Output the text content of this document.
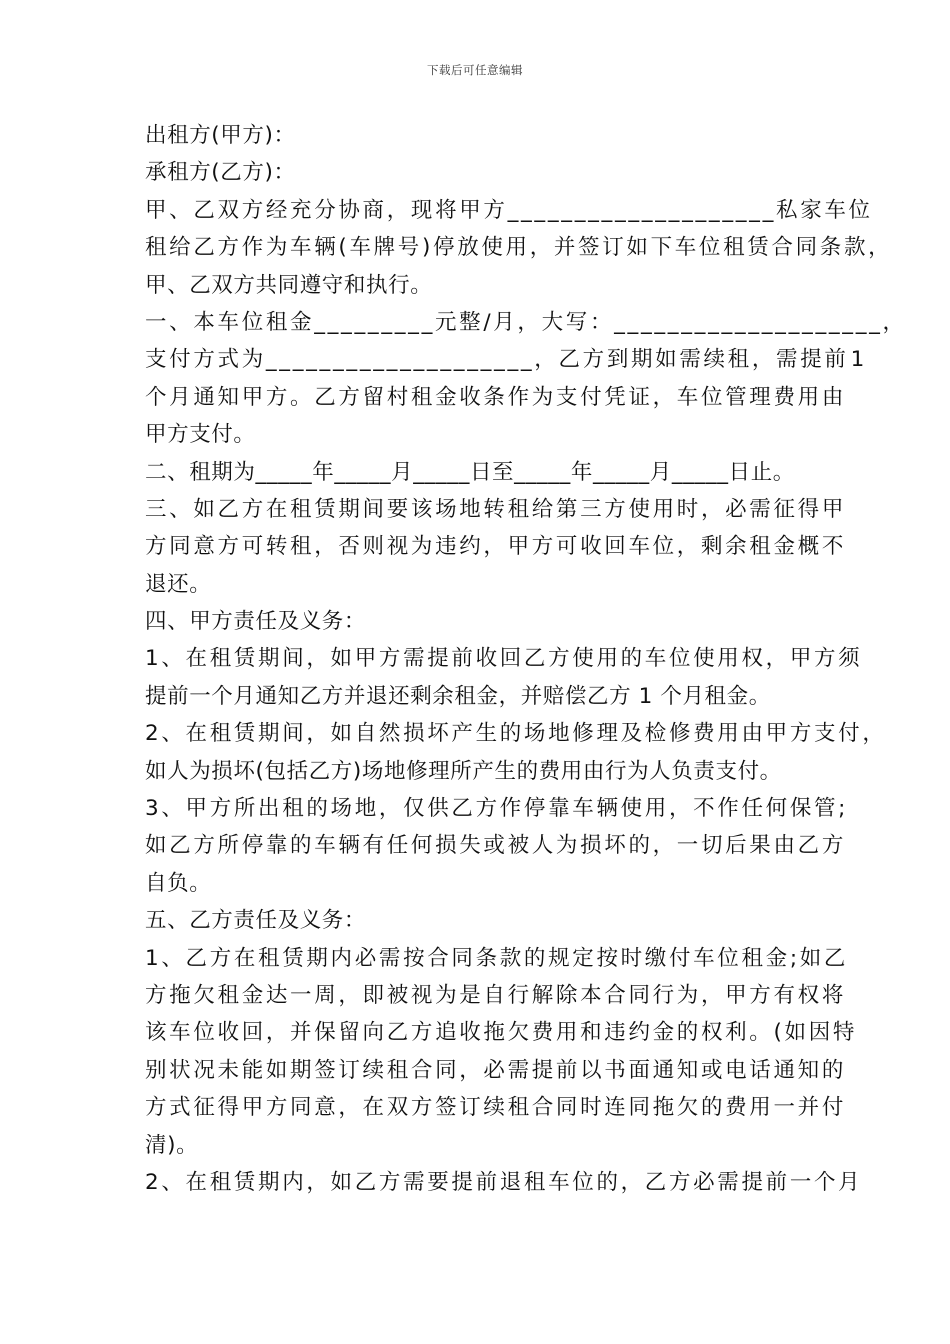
下载后可任意编辑
出租方(甲方)：
承租方(乙方)：
甲​ 、​ 乙​ 双​ 方​ 经​ 充​ 分​ 协​ 商​ ，​ 现​ 将​ 甲​ 方​ _​ _​ _​ _​ _​ _​ _​ _​ _​ _​ _​ _​ _​ _​ _​ _​ _​ _​ _​ _​ 私​ 家​ 车​ 位
租​ 给​ 乙​ 方​ 作​ 为​ 车​ 辆​ (​ 车​ 牌​ 号​ )​ 停​ 放​ 使​ 用​ ，​ 并​ 签​ 订​ 如​ 下​ 车​ 位​ 租​ 赁​ 合​ 同​ 条​ 款​ ，
甲、乙双方共同遵守和执行。
一​ 、​ 本​ 车​ 位​ 租​ 金​ _​ _​ _​ _​ _​ _​ _​ _​ _​ 元​ 整​ /​ 月​ ，​ 大​ 写​ ：​ _​ _​ _​ _​ _​ _​ _​ _​ _​ _​ _​ _​ _​ _​ _​ _​ _​ _​ _​ _​ ，
支​ 付​ 方​ 式​ 为​ _​ _​ _​ _​ _​ _​ _​ _​ _​ _​ _​ _​ _​ _​ _​ _​ _​ _​ _​ _​ ，​ 乙​ 方​ 到​ 期​ 如​ 需​ 续​ 租​ ，​ 需​ 提​ 前​ ​ 1
个​ 月​ 通​ 知​ 甲​ 方​ 。​ 乙​ 方​ 留​ 村​ 租​ 金​ 收​ 条​ 作​ 为​ 支​ 付​ 凭​ 证​ ，​ 车​ 位​ 管​ 理​ 费​ 用​ 由
甲方支付。
二、租期为_____年_____月_____日至_____年_____月_____日止。
三​ 、​ 如​ 乙​ 方​ 在​ 租​ 赁​ 期​ 间​ 要​ 该​ 场​ 地​ 转​ 租​ 给​ 第​ 三​ 方​ 使​ 用​ 时​ ，​ 必​ 需​ 征​ 得​ 甲
方​ 同​ 意​ 方​ 可​ 转​ 租​ ，​ 否​ 则​ 视​ 为​ 违​ 约​ ，​ 甲​ 方​ 可​ 收​ 回​ 车​ 位​ ，​ 剩​ 余​ 租​ 金​ 概​ 不
退还。
四、甲方责任及义务：
1​ 、​ 在​ 租​ 赁​ 期​ 间​ ，​ 如​ 甲​ 方​ 需​ 提​ 前​ 收​ 回​ 乙​ 方​ 使​ 用​ 的​ 车​ 位​ 使​ 用​ 权​ ，​ 甲​ 方​ 须
提前一个月通知乙方并退还剩余租金，并赔偿乙方 1 个月租金。
2​ 、​ 在​ 租​ 赁​ 期​ 间​ ，​ 如​ 自​ 然​ 损​ 坏​ 产​ 生​ 的​ 场​ 地​ 修​ 理​ 及​ 检​ 修​ 费​ 用​ 由​ 甲​ 方​ 支​ 付​ ，
如人为损坏(包括乙方)场地修理所产生的费用由行为人负责支付。
3​ 、​ 甲​ 方​ 所​ 出​ 租​ 的​ 场​ 地​ ，​ 仅​ 供​ 乙​ 方​ 作​ 停​ 靠​ 车​ 辆​ 使​ 用​ ，​ 不​ 作​ 任​ 何​ 保​ 管​ ;
如​ 乙​ 方​ 所​ 停​ 靠​ 的​ 车​ 辆​ 有​ 任​ 何​ 损​ 失​ 或​ 被​ 人​ 为​ 损​ 坏​ 的​ ，​ 一​ 切​ 后​ 果​ 由​ 乙​ 方
自负。
五、乙方责任及义务：
1​ 、​ 乙​ 方​ 在​ 租​ 赁​ 期​ 内​ 必​ 需​ 按​ 合​ 同​ 条​ 款​ 的​ 规​ 定​ 按​ 时​ 缴​ 付​ 车​ 位​ 租​ 金​ ;​ 如​ 乙
方​ 拖​ 欠​ 租​ 金​ 达​ 一​ 周​ ，​ 即​ 被​ 视​ 为​ 是​ 自​ 行​ 解​ 除​ 本​ 合​ 同​ 行​ 为​ ，​ 甲​ 方​ 有​ 权​ 将
该​ 车​ 位​ 收​ 回​ ，​ 并​ 保​ 留​ 向​ 乙​ 方​ 追​ 收​ 拖​ 欠​ 费​ 用​ 和​ 违​ 约​ 金​ 的​ 权​ 利​ 。​ (​ 如​ 因​ 特
别​ 状​ 况​ 未​ 能​ 如​ 期​ 签​ 订​ 续​ 租​ 合​ 同​ ，​ 必​ 需​ 提​ 前​ 以​ 书​ 面​ 通​ 知​ 或​ 电​ 话​ 通​ 知​ 的
方​ 式​ 征​ 得​ 甲​ 方​ 同​ 意​ ，​ 在​ 双​ 方​ 签​ 订​ 续​ 租​ 合​ 同​ 时​ 连​ 同​ 拖​ 欠​ 的​ 费​ 用​ 一​ 并​ 付
清)。
2​ 、​ 在​ 租​ 赁​ 期​ 内​ ，​ 如​ 乙​ 方​ 需​ 要​ 提​ 前​ 退​ 租​ 车​ 位​ 的​ ，​ 乙​ 方​ 必​ 需​ 提​ 前​ 一​ 个​ 月
